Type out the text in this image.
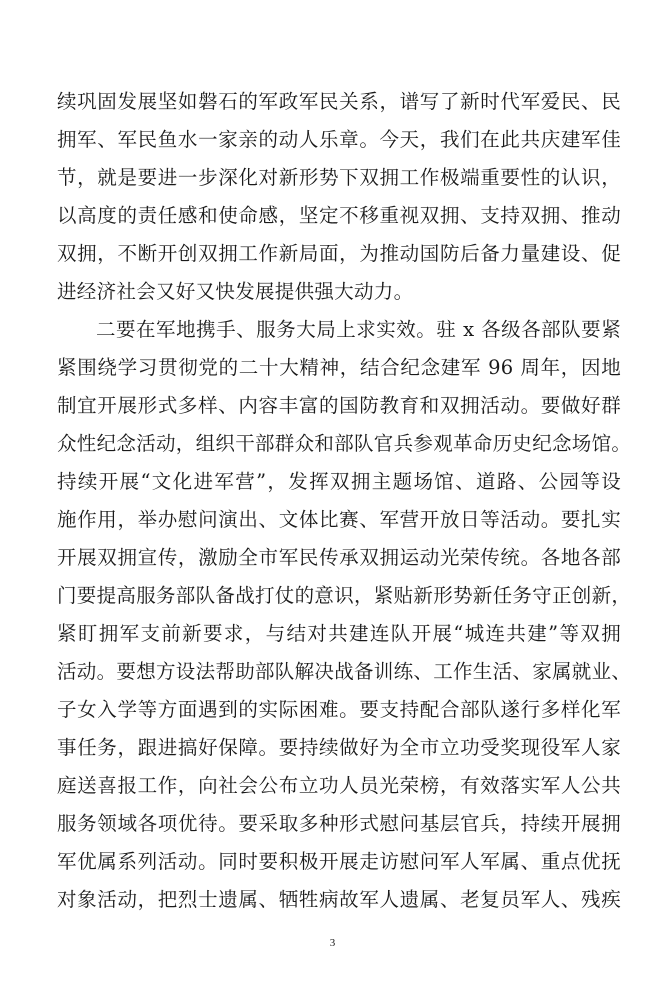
续巩固发展坚如磐石的军政军民关系，谱写了新时代军爱民、民
拥军、军民鱼水一家亲的动人乐章。今天，我们在此共庆建军佳
节，就是要进一步深化对新形势下双拥工作极端重要性的认识，
以高度的责任感和使命感，坚定不移重视双拥、支持双拥、推动
双拥，不断开创双拥工作新局面，为推动国防后备力量建设、促
进经济社会又好又快发展提供强大动力。
二要在军地携手、服务大局上求实效。驻 x 各级各部队要紧
紧围绕学习贯彻党的二十大精神，结合纪念建军 96 周年，因地
制宜开展形式多样、内容丰富的国防教育和双拥活动。要做好群
众性纪念活动，组织干部群众和部队官兵参观革命历史纪念场馆。
持续开展“文化进军营”，发挥双拥主题场馆、道路、公园等设
施作用，举办慰问演出、文体比赛、军营开放日等活动。要扎实
开展双拥宣传，激励全市军民传承双拥运动光荣传统。各地各部
门要提高服务部队备战打仗的意识，紧贴新形势新任务守正创新，
紧盯拥军支前新要求，与结对共建连队开展“城连共建”等双拥
活动。要想方设法帮助部队解决战备训练、工作生活、家属就业、
子女入学等方面遇到的实际困难。要支持配合部队遂行多样化军
事任务，跟进搞好保障。要持续做好为全市立功受奖现役军人家
庭送喜报工作，向社会公布立功人员光荣榜，有效落实军人公共
服务领域各项优待。要采取多种形式慰问基层官兵，持续开展拥
军优属系列活动。同时要积极开展走访慰问军人军属、重点优抚
对象活动，把烈士遗属、牺牲病故军人遗属、老复员军人、残疾
3
